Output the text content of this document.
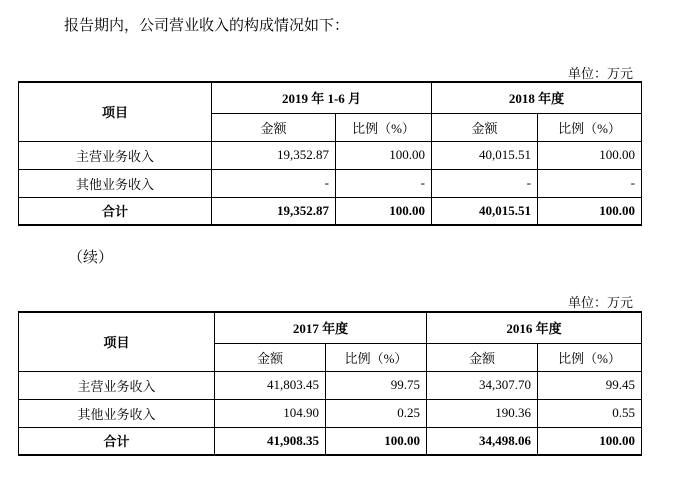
报告期内，公司营业收入的构成情况如下：
单位：万元
项目	2019 年 1-6 月		2018 年度	
	金额	比例（%）	金额	比例（%）
主营业务收入	19,352.87	100.00	40,015.51	100.00
其他业务收入	-	-	-	-
合计	19,352.87	100.00	40,015.51	100.00
（续）
单位：万元
项目	2017 年度		2016 年度	
	金额	比例（%）	金额	比例（%）
主营业务收入	41,803.45	99.75	34,307.70	99.45
其他业务收入	104.90	0.25	190.36	0.55
合计	41,908.35	100.00	34,498.06	100.00
